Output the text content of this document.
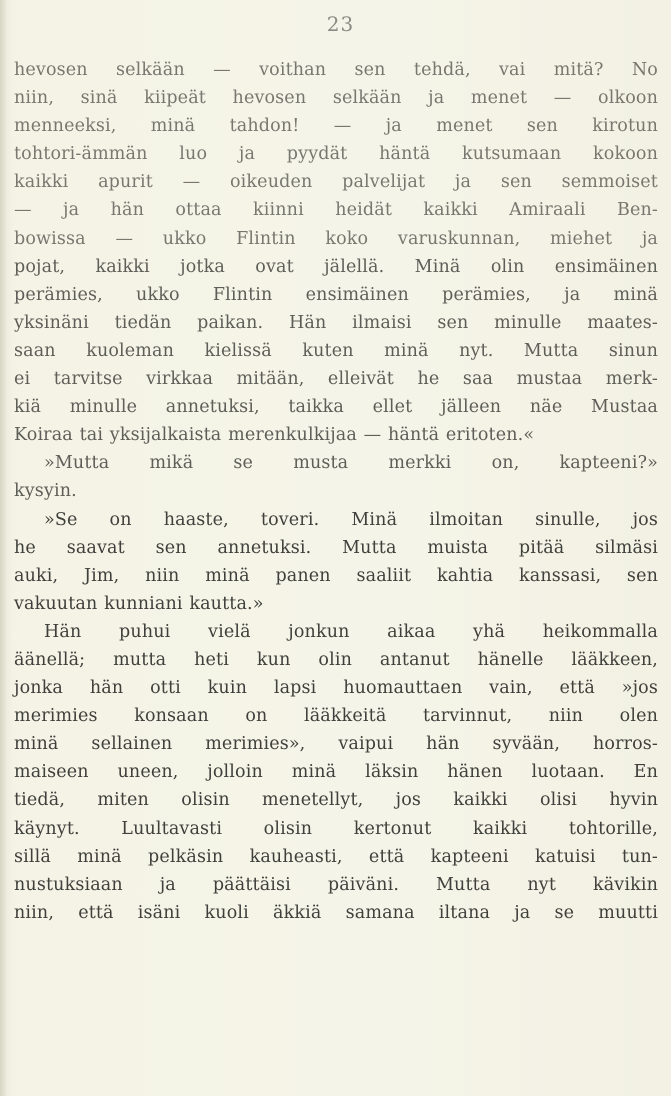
23
hevosen selkään — voithan sen tehdä, vai mitä? No
niin, sinä kiipeät hevosen selkään ja menet — olkoon
menneeksi, minä tahdon! — ja menet sen kirotun
tohtori-ämmän luo ja pyydät häntä kutsumaan kokoon
kaikki apurit — oikeuden palvelijat ja sen semmoiset
— ja hän ottaa kiinni heidät kaikki Amiraali Ben-
bowissa — ukko Flintin koko varuskunnan, miehet ja
pojat, kaikki jotka ovat jälellä. Minä olin ensimäinen
perämies, ukko Flintin ensimäinen perämies, ja minä
yksinäni tiedän paikan. Hän ilmaisi sen minulle maates-
saan kuoleman kielissä kuten minä nyt. Mutta sinun
ei tarvitse virkkaa mitään, elleivät he saa mustaa merk-
kiä minulle annetuksi, taikka ellet jälleen näe Mustaa
Koiraa tai yksijalkaista merenkulkijaa — häntä eritoten.«
»Mutta mikä se musta merkki on, kapteeni?»
kysyin.
»Se on haaste, toveri. Minä ilmoitan sinulle, jos
he saavat sen annetuksi. Mutta muista pitää silmäsi
auki, Jim, niin minä panen saaliit kahtia kanssasi, sen
vakuutan kunniani kautta.»
Hän puhui vielä jonkun aikaa yhä heikommalla
äänellä; mutta heti kun olin antanut hänelle lääkkeen,
jonka hän otti kuin lapsi huomauttaen vain, että »jos
merimies konsaan on lääkkeitä tarvinnut, niin olen
minä sellainen merimies», vaipui hän syvään, horros-
maiseen uneen, jolloin minä läksin hänen luotaan. En
tiedä, miten olisin menetellyt, jos kaikki olisi hyvin
käynyt. Luultavasti olisin kertonut kaikki tohtorille,
sillä minä pelkäsin kauheasti, että kapteeni katuisi tun-
nustuksiaan ja päättäisi päiväni. Mutta nyt kävikin
niin, että isäni kuoli äkkiä samana iltana ja se muutti
